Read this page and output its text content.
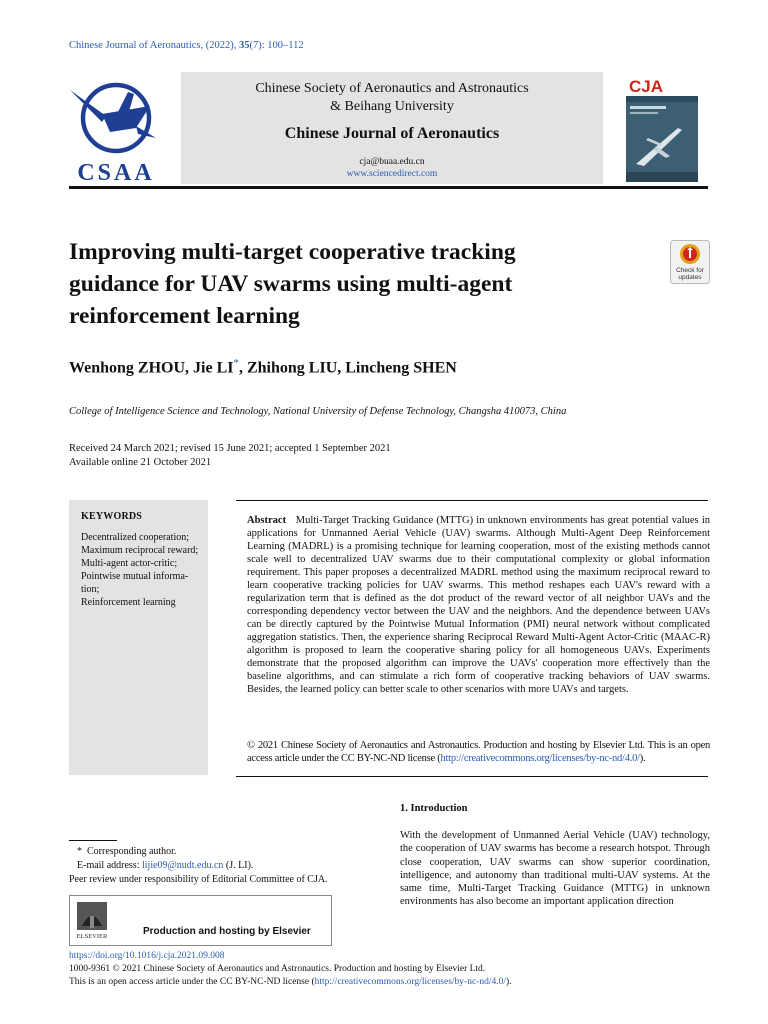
Chinese Journal of Aeronautics, (2022), 35(7): 100–112
CSAA
Chinese Society of Aeronautics and Astronautics
& Beihang University
Chinese Journal of Aeronautics
cja@buaa.edu.cn
www.sciencedirect.com
CJA
Improving multi-target cooperative tracking
guidance for UAV swarms using multi-agent
reinforcement learning
Check for
updates
Wenhong ZHOU, Jie LI*, Zhihong LIU, Lincheng SHEN
College of Intelligence Science and Technology, National University of Defense Technology, Changsha 410073, China
Received 24 March 2021; revised 15 June 2021; accepted 1 September 2021
Available online 21 October 2021
KEYWORDS
Decentralized cooperation;
Maximum reciprocal reward;
Multi-agent actor-critic;
Pointwise mutual informa-
tion;
Reinforcement learning
Abstract Multi-Target Tracking Guidance (MTTG) in unknown environments has great potential values in applications for Unmanned Aerial Vehicle (UAV) swarms. Although Multi-Agent Deep Reinforcement Learning (MADRL) is a promising technique for learning cooperation, most of the existing methods cannot scale well to decentralized UAV swarms due to their computational complexity or global information requirement. This paper proposes a decentralized MADRL method using the maximum reciprocal reward to learn cooperative tracking policies for UAV swarms. This method reshapes each UAV's reward with a regularization term that is defined as the dot product of the reward vector of all neighbor UAVs and the corresponding dependency vector between the UAV and the neighbors. And the dependence between UAVs can be directly captured by the Pointwise Mutual Information (PMI) neural network without complicated aggregation statistics. Then, the experience sharing Reciprocal Reward Multi-Agent Actor-Critic (MAAC-R) algorithm is proposed to learn the cooperative sharing policy for all homogeneous UAVs. Experiments demonstrate that the proposed algorithm can improve the UAVs' cooperation more effectively than the baseline algorithms, and can stimulate a rich form of cooperative tracking behaviors of UAV swarms. Besides, the learned policy can better scale to other scenarios with more UAVs and targets.
© 2021 Chinese Society of Aeronautics and Astronautics. Production and hosting by Elsevier Ltd. This is an open access article under the CC BY-NC-ND license (http://creativecommons.org/licenses/by-nc-nd/4.0/).
1. Introduction
With the development of Unmanned Aerial Vehicle (UAV) technology, the cooperation of UAV swarms has become a research hotspot. Through close cooperation, UAV swarms can show superior coordination, intelligence, and autonomy than traditional multi-UAV systems. At the same time, Multi-Target Tracking Guidance (MTTG) in unknown environments has also become an important application direction
* Corresponding author.
E-mail address: lijie09@nudt.edu.cn (J. LI).
Peer review under responsibility of Editorial Committee of CJA.
ELSEVIER	Production and hosting by Elsevier
https://doi.org/10.1016/j.cja.2021.09.008
1000-9361 © 2021 Chinese Society of Aeronautics and Astronautics. Production and hosting by Elsevier Ltd.
This is an open access article under the CC BY-NC-ND license (http://creativecommons.org/licenses/by-nc-nd/4.0/).
